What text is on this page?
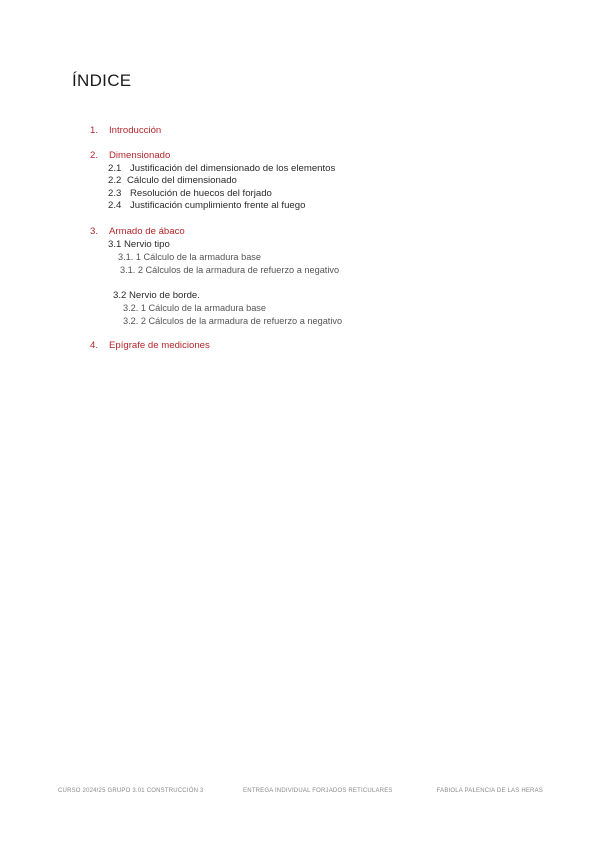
ÍNDICE
1. Introducción
2. Dimensionado
2.1 Justificación del dimensionado de los elementos
2.2 Cálculo del dimensionado
2.3 Resolución de huecos del forjado
2.4 Justificación cumplimiento frente al fuego
3. Armado de ábaco
3.1 Nervio tipo
3.1. 1 Cálculo de la armadura base
3.1. 2 Cálculos de la armadura de refuerzo a negativo
3.2 Nervio de borde.
3.2. 1 Cálculo de la armadura base
3.2. 2 Cálculos de la armadura de refuerzo a negativo
4. Epígrafe de mediciones
CURSO 2024/25 GRUPO 3.01 CONSTRUCCIÓN 3	ENTREGA INDIVIDUAL FORJADOS RETICULARES	FABIOLA PALENCIA DE LAS HERAS
